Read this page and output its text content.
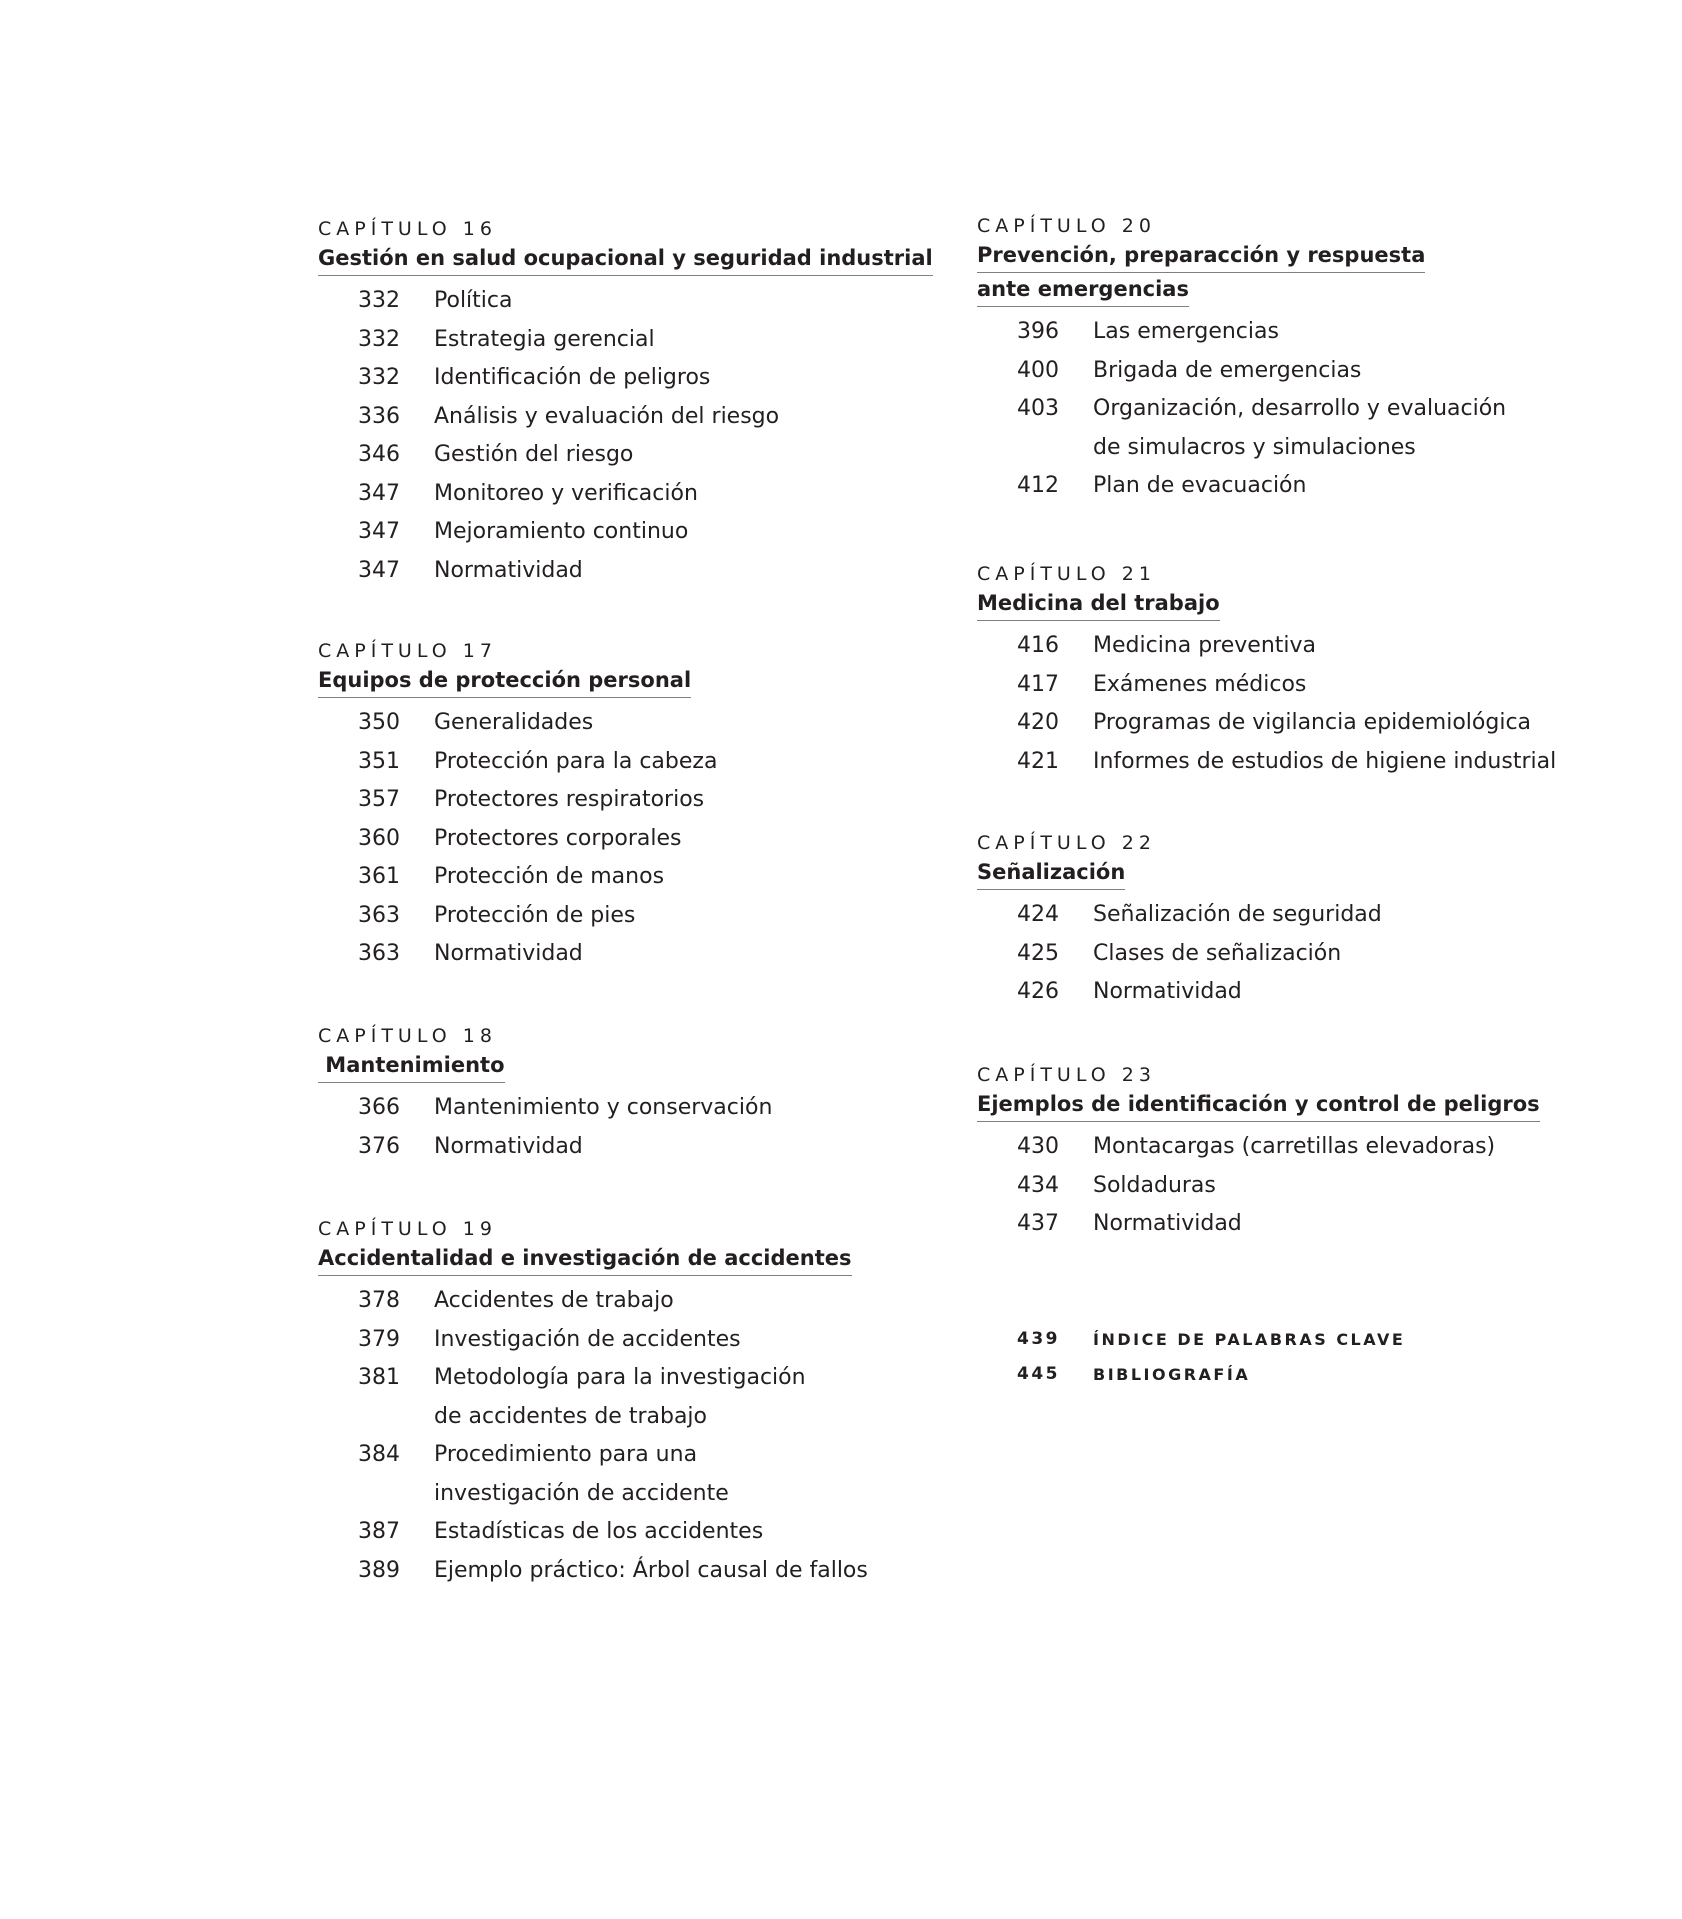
CAPÍTULO 16
Gestión en salud ocupacional y seguridad industrial
332	Política
332	Estrategia gerencial
332	Identificación de peligros
336	Análisis y evaluación del riesgo
346	Gestión del riesgo
347	Monitoreo y verificación
347	Mejoramiento continuo
347	Normatividad
CAPÍTULO 17
Equipos de protección personal
350	Generalidades
351	Protección para la cabeza
357	Protectores respiratorios
360	Protectores corporales
361	Protección de manos
363	Protección de pies
363	Normatividad
CAPÍTULO 18
Mantenimiento
366	Mantenimiento y conservación
376	Normatividad
CAPÍTULO 19
Accidentalidad e investigación de accidentes
378	Accidentes de trabajo
379	Investigación de accidentes
381	Metodología para la investigación
de accidentes de trabajo
384	Procedimiento para una
investigación de accidente
387	Estadísticas de los accidentes
389	Ejemplo práctico: Árbol causal de fallos
CAPÍTULO 20
Prevención, preparacción y respuesta
ante emergencias
396	Las emergencias
400	Brigada de emergencias
403	Organización, desarrollo y evaluación
de simulacros y simulaciones
412	Plan de evacuación
CAPÍTULO 21
Medicina del trabajo
416	Medicina preventiva
417	Exámenes médicos
420	Programas de vigilancia epidemiológica
421	Informes de estudios de higiene industrial
CAPÍTULO 22
Señalización
424	Señalización de seguridad
425	Clases de señalización
426	Normatividad
CAPÍTULO 23
Ejemplos de identificación y control de peligros
430	Montacargas (carretillas elevadoras)
434	Soldaduras
437	Normatividad
439	ÍNDICE DE PALABRAS CLAVE
445	BIBLIOGRAFÍA
